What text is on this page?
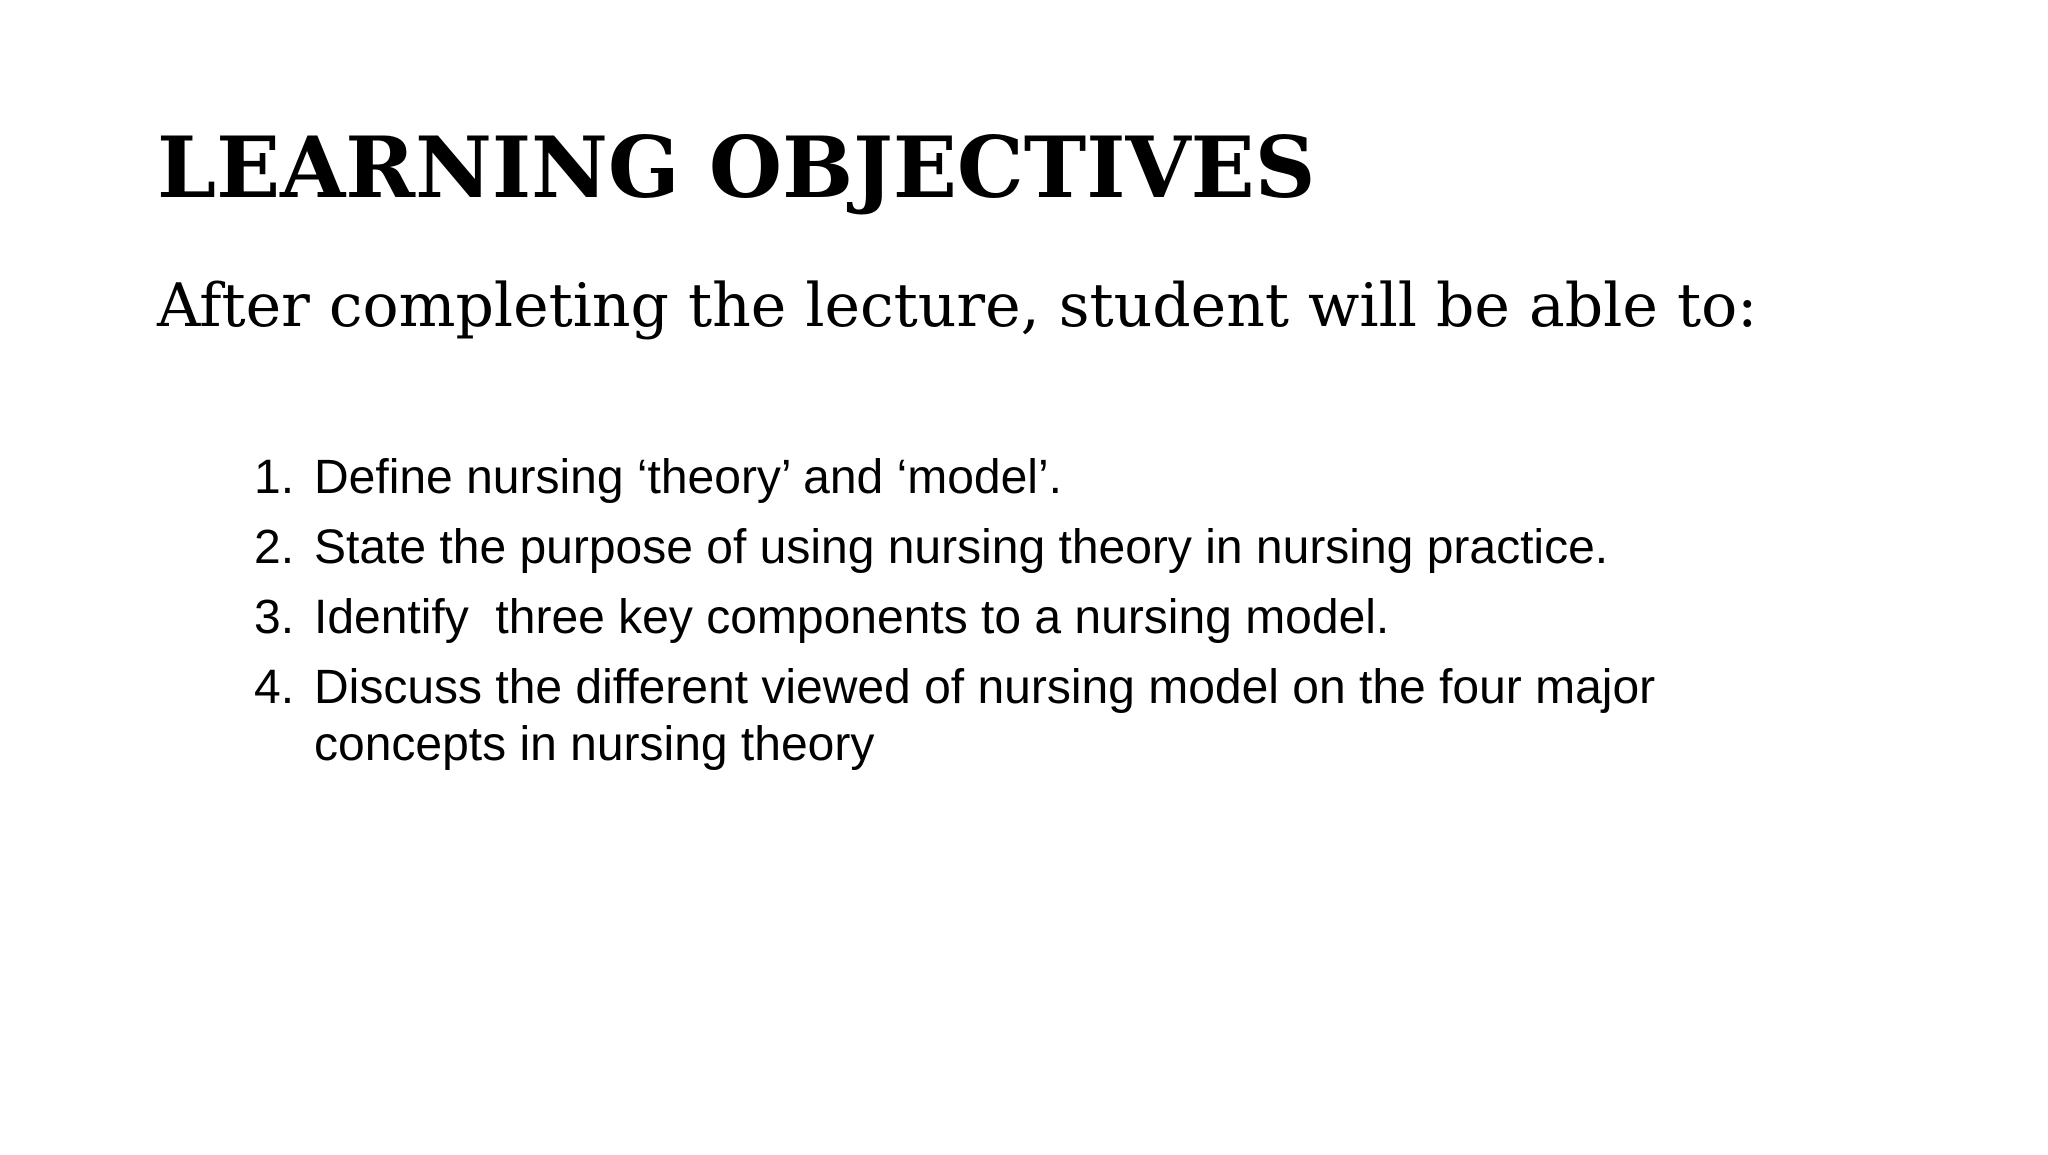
LEARNING OBJECTIVES

After completing the lecture, student will be able to:

1. Define nursing ‘theory’ and ‘model’.
2. State the purpose of using nursing theory in nursing practice.
3. Identify  three key components to a nursing model.
4. Discuss the different viewed of nursing model on the four major concepts in nursing theory
